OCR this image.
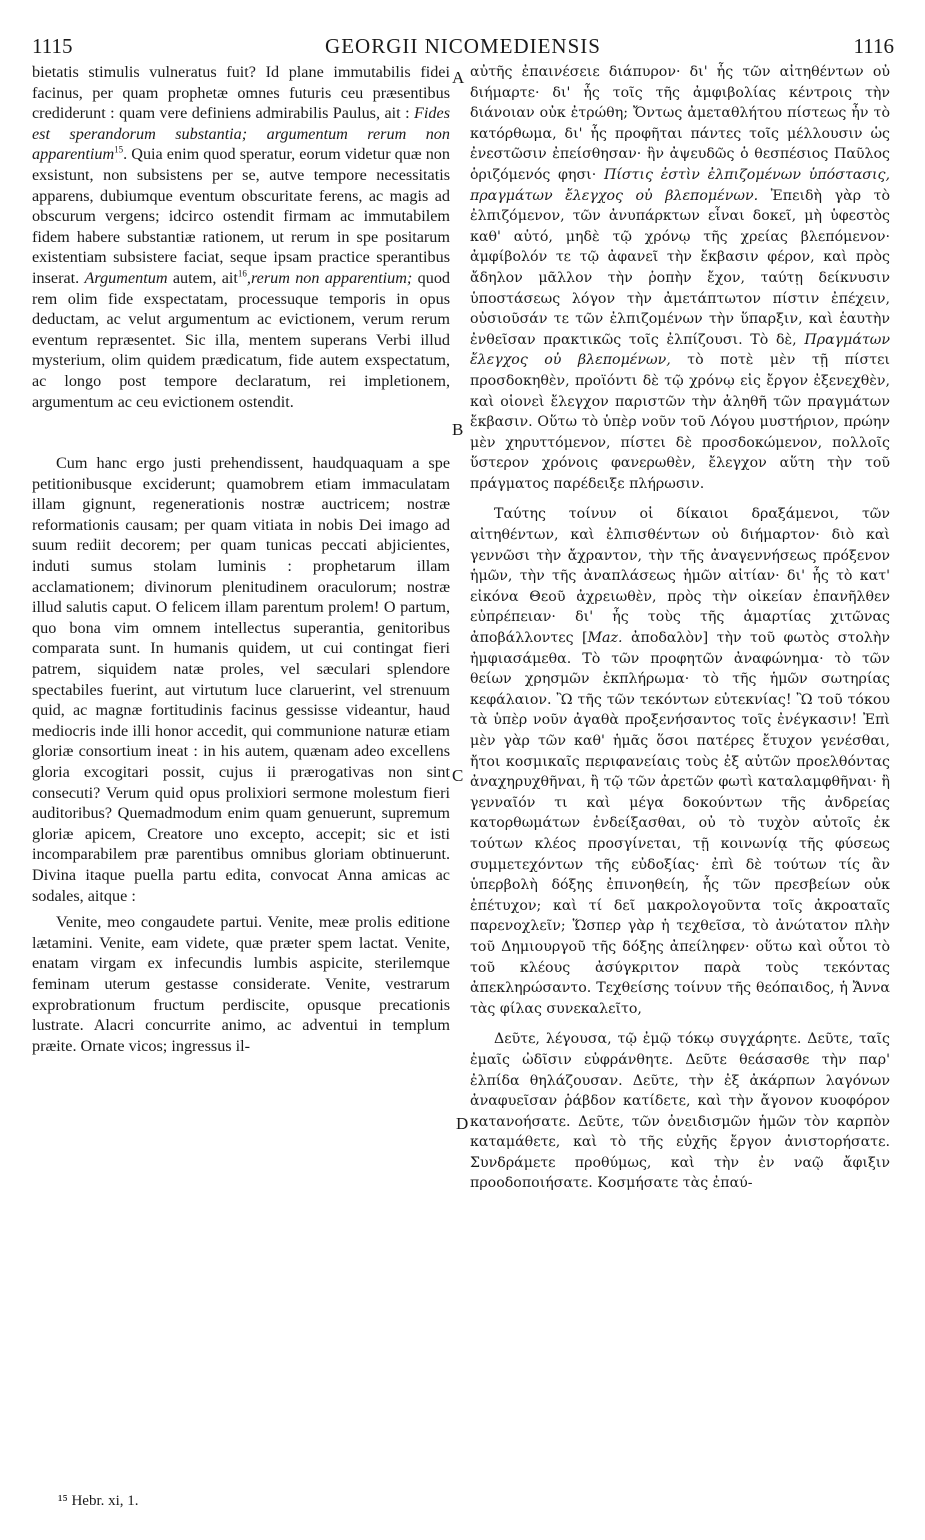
1115	GEORGII NICOMEDIENSIS	1116

bietatis stimulis vulneratus fuit? Id plane immutabilis fidei facinus, per quam prophetæ omnes futuris ceu præsentibus crediderunt : quam vere definiens admirabilis Paulus, ait : Fides est sperandorum substantia; argumentum rerum non apparentium$^{15}$. Quia enim quod speratur, eorum videtur quæ non exsistunt, non subsistens per se, autve tempore necessitatis apparens, dubiumque eventum obscuritate ferens, ac magis ad obscurum vergens; idcirco ostendit firmam ac immutabilem fidem habere substantiæ rationem, ut rerum in spe positarum existentiam subsistere faciat, seque ipsam practice sperantibus inserat. Argumentum autem, ait$^{16}$,rerum non apparentium; quod rem olim fide exspectatam, processuque temporis in opus deductam, ac velut argumentum ac evictionem, verum rerum eventum repræsentet. Sic illa, mentem superans Verbi illud mysterium, olim quidem prædicatum, fide autem exspectatum, ac longo post tempore declaratum, rei impletionem, argumentum ac ceu evictionem ostendit.

Cum hanc ergo justi prehendissent, haudquaquam a spe petitionibusque exciderunt; quamobrem etiam immaculatam illam gignunt, regenerationis nostræ auctricem; nostræ reformationis causam; per quam vitiata in nobis Dei imago ad suum rediit decorem; per quam tunicas peccati abjicientes, induti sumus stolam luminis : prophetarum illam acclamationem; divinorum plenitudinem oraculorum; nostræ illud salutis caput. O felicem illam parentum prolem! O partum, quo bona vim omnem intellectus superantia, genitoribus comparata sunt. In humanis quidem, ut cui contingat fieri patrem, siquidem natæ proles, vel sæculari splendore spectabiles fuerint, aut virtutum luce claruerint, vel strenuum quid, ac magnæ fortitudinis facinus gessisse videantur, haud mediocris inde illi honor accedit, qui communione naturæ etiam gloriæ consortium ineat : in his autem, quænam adeo excellens gloria excogitari possit, cujus ii prærogativas non sint consecuti? Verum quid opus prolixiori sermone molestum fieri auditoribus? Quemadmodum enim quam genuerunt, supremum gloriæ apicem, Creatore uno excepto, accepit; sic et isti incomparabilem præ parentibus omnibus gloriam obtinuerunt. Divina itaque puella partu edita, convocat Anna amicas ac sodales, aitque :

Venite, meo congaudete partui. Venite, meæ prolis editione lætamini. Venite, eam videte, quæ præter spem lactat. Venite, enatam virgam ex infecundis lumbis aspicite, sterilemque feminam uterum gestasse considerate. Venite, vestrarum exprobrationum fructum perdiscite, opusque precationis lustrate. Alacri concurrite animo, ac adventui in templum præite. Ornate vicos; ingressus il-

αὐτῆς ἐπαινέσειε διάπυρον· δι' ἧς τῶν αἰτηθέντων οὐ διήμαρτε· δι' ἧς τοῖς τῆς ἀμφιβολίας κέντροις τὴν διάνοιαν οὐκ ἐτρώθη; Ὄντως ἀμεταθλήτου πίστεως ἦν τὸ κατόρθωμα, δι' ἧς προφῆται πάντες τοῖς μέλλουσιν ὡς ἐνεστῶσιν ἐπείσθησαν· ἣν ἀψευδῶς ὁ θεσπέσιος Παῦλος ὁριζόμενός φησι· Πίστις ἐστὶν ἐλπιζομένων ὑπόστασις, πραγμάτων ἔλεγχος οὐ βλεπομένων. Ἐπειδὴ γὰρ τὸ ἐλπιζόμενον, τῶν ἀνυπάρκτων εἶναι δοκεῖ, μὴ ὑφεστὸς καθ' αὑτό, μηδὲ τῷ χρόνῳ τῆς χρείας βλεπόμενον· ἀμφίβολόν τε τῷ ἀφανεῖ τὴν ἔκβασιν φέρον, καὶ πρὸς ἄδηλον μᾶλλον τὴν ῥοπὴν ἔχον, ταύτῃ δείκνυσιν ὑποστάσεως λόγον τὴν ἀμετάπτωτον πίστιν ἐπέχειν, οὐσιοῦσάν τε τῶν ἐλπιζομένων τὴν ὕπαρξιν, καὶ ἑαυτὴν ἐνθεῖσαν πρακτικῶς τοῖς ἐλπίζουσι. Τὸ δὲ, Πραγμάτων ἔλεγχος οὐ βλεπομένων, τὸ ποτὲ μὲν τῇ πίστει προσδοκηθὲν, προϊόντι δὲ τῷ χρόνῳ εἰς ἔργον ἐξενεχθὲν, καὶ οἱονεὶ ἔλεγχον παριστῶν τὴν ἀληθῆ τῶν πραγμάτων ἔκβασιν. Οὕτω τὸ ὑπὲρ νοῦν τοῦ Λόγου μυστήριον, πρώην μὲν χηρυττόμενον, πίστει δὲ προσδοκώμενον, πολλοῖς ὕστερον χρόνοις φανερωθὲν, ἔλεγχον αὕτη τὴν τοῦ πράγματος παρέδειξε πλήρωσιν.

Ταύτης τοίνυν οἱ δίκαιοι δραξάμενοι, τῶν αἰτηθέντων, καὶ ἐλπισθέντων οὐ διήμαρτον· διὸ καὶ γεννῶσι τὴν ἄχραντον, τὴν τῆς ἀναγεννήσεως πρόξενον ἡμῶν, τὴν τῆς ἀναπλάσεως ἡμῶν αἰτίαν· δι' ἧς τὸ κατ' εἰκόνα Θεοῦ ἀχρειωθὲν, πρὸς τὴν οἰκείαν ἐπανῆλθεν εὐπρέπειαν· δι' ἧς τοὺς τῆς ἁμαρτίας χιτῶνας ἀποβάλλοντες [Maz. ἀποδαλὸν] τὴν τοῦ φωτὸς στολὴν ἠμφιασάμεθα. Τὸ τῶν προφητῶν ἀναφώνημα· τὸ τῶν θείων χρησμῶν ἐκπλήρωμα· τὸ τῆς ἡμῶν σωτηρίας κεφάλαιον. Ὢ τῆς τῶν τεκόντων εὐτεκνίας! Ὢ τοῦ τόκου τὰ ὑπὲρ νοῦν ἀγαθὰ προξενήσαντος τοῖς ἐνέγκασιν! Ἐπὶ μὲν γὰρ τῶν καθ' ἡμᾶς ὅσοι πατέρες ἔτυχον γενέσθαι, ἤτοι κοσμικαῖς περιφανείαις τοὺς ἐξ αὐτῶν προελθόντας ἀναχηρυχθῆναι, ἢ τῷ τῶν ἀρετῶν φωτὶ καταλαμφθῆναι· ἢ γενναῖόν τι καὶ μέγα δοκούντων τῆς ἀνδρείας κατορθωμάτων ἐνδείξασθαι, οὐ τὸ τυχὸν αὐτοῖς ἐκ τούτων κλέος προσγίνεται, τῇ κοινωνίᾳ τῆς φύσεως συμμετεχόντων τῆς εὐδοξίας· ἐπὶ δὲ τούτων τίς ἂν ὑπερβολὴ δόξης ἐπινοηθείη, ἧς τῶν πρεσβείων οὐκ ἐπέτυχον; καὶ τί δεῖ μακρολογοῦντα τοῖς ἀκροαταῖς παρενοχλεῖν; Ὥσπερ γὰρ ἡ τεχθεῖσα, τὸ ἀνώτατον πλὴν τοῦ Δημιουργοῦ τῆς δόξης ἀπείληφεν· οὕτω καὶ οὗτοι τὸ τοῦ κλέους ἀσύγκριτον παρὰ τοὺς τεκόντας ἀπεκληρώσαντο. Τεχθείσης τοίνυν τῆς θεόπαιδος, ἡ Ἄννα τὰς φίλας συνεκαλεῖτο,

Δεῦτε, λέγουσα, τῷ ἐμῷ τόκῳ συγχάρητε. Δεῦτε, ταῖς ἐμαῖς ὠδῖσιν εὐφράνθητε. Δεῦτε θεάσασθε τὴν παρ' ἐλπίδα θηλάζουσαν. Δεῦτε, τὴν ἐξ ἀκάρπων λαγόνων ἀναφυεῖσαν ῥάβδον κατίδετε, καὶ τὴν ἄγονον κυοφόρον κατανοήσατε. Δεῦτε, τῶν ὀνειδισμῶν ἡμῶν τὸν καρπὸν καταμάθετε, καὶ τὸ τῆς εὐχῆς ἔργον ἀνιστορήσατε. Συνδράμετε προθύμως, καὶ τὴν ἐν ναῷ ἄφιξιν προοδοποιήσατε. Κοσμήσατε τὰς ἐπαύ-

A
B
C
D
¹⁵ Hebr. xi, 1.
